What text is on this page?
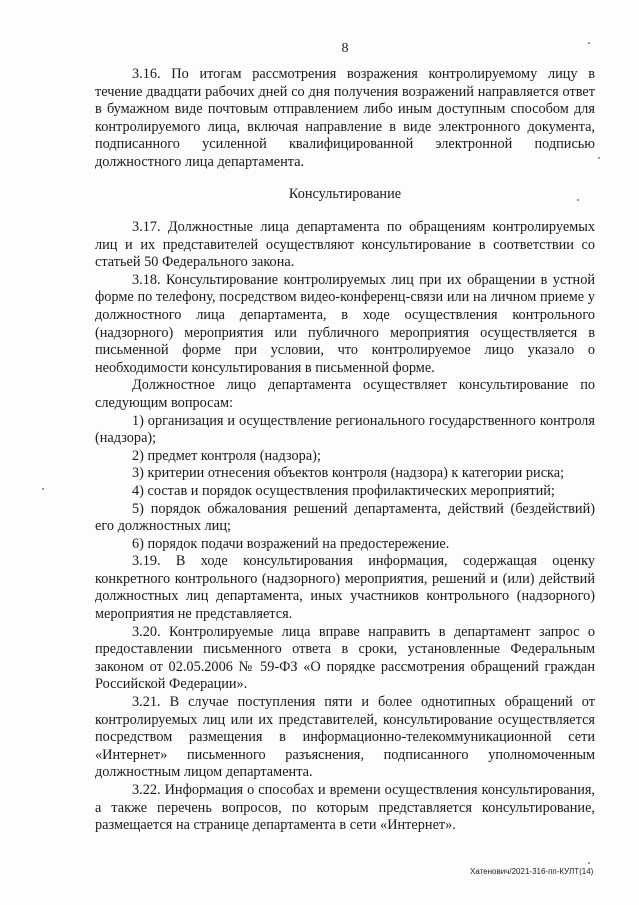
8

3.16. По итогам рассмотрения возражения контролируемому лицу в течение двадцати рабочих дней со дня получения возражений направляется ответ в бумажном виде почтовым отправлением либо иным доступным способом для контролируемого лица, включая направление в виде электронного документа, подписанного усиленной квалифицированной электронной подписью должностного лица департамента.

Консультирование

3.17. Должностные лица департамента по обращениям контролируемых лиц и их представителей осуществляют консультирование в соответствии со статьей 50 Федерального закона.

3.18. Консультирование контролируемых лиц при их обращении в устной форме по телефону, посредством видео-конференц-связи или на личном приеме у должностного лица департамента, в ходе осуществления контрольного (надзорного) мероприятия или публичного мероприятия осуществляется в письменной форме при условии, что контролируемое лицо указало о необходимости консультирования в письменной форме.

Должностное лицо департамента осуществляет консультирование по следующим вопросам:

1) организация и осуществление регионального государственного контроля (надзора);

2) предмет контроля (надзора);

3) критерии отнесения объектов контроля (надзора) к категории риска;

4) состав и порядок осуществления профилактических мероприятий;

5) порядок обжалования решений департамента, действий (бездействий) его должностных лиц;

6) порядок подачи возражений на предостережение.

3.19. В ходе консультирования информация, содержащая оценку конкретного контрольного (надзорного) мероприятия, решений и (или) действий должностных лиц департамента, иных участников контрольного (надзорного) мероприятия не представляется.

3.20. Контролируемые лица вправе направить в департамент запрос о предоставлении письменного ответа в сроки, установленные Федеральным законом от 02.05.2006 № 59-ФЗ «О порядке рассмотрения обращений граждан Российской Федерации».

3.21. В случае поступления пяти и более однотипных обращений от контролируемых лиц или их представителей, консультирование осуществляется посредством размещения в информационно-телекоммуникационной сети «Интернет» письменного разъяснения, подписанного уполномоченным должностным лицом департамента.

3.22. Информация о способах и времени осуществления консультирования, а также перечень вопросов, по которым представляется консультирование, размещается на странице департамента в сети «Интернет».

Хатенович/2021-316-пп-КУЛТ(14)
